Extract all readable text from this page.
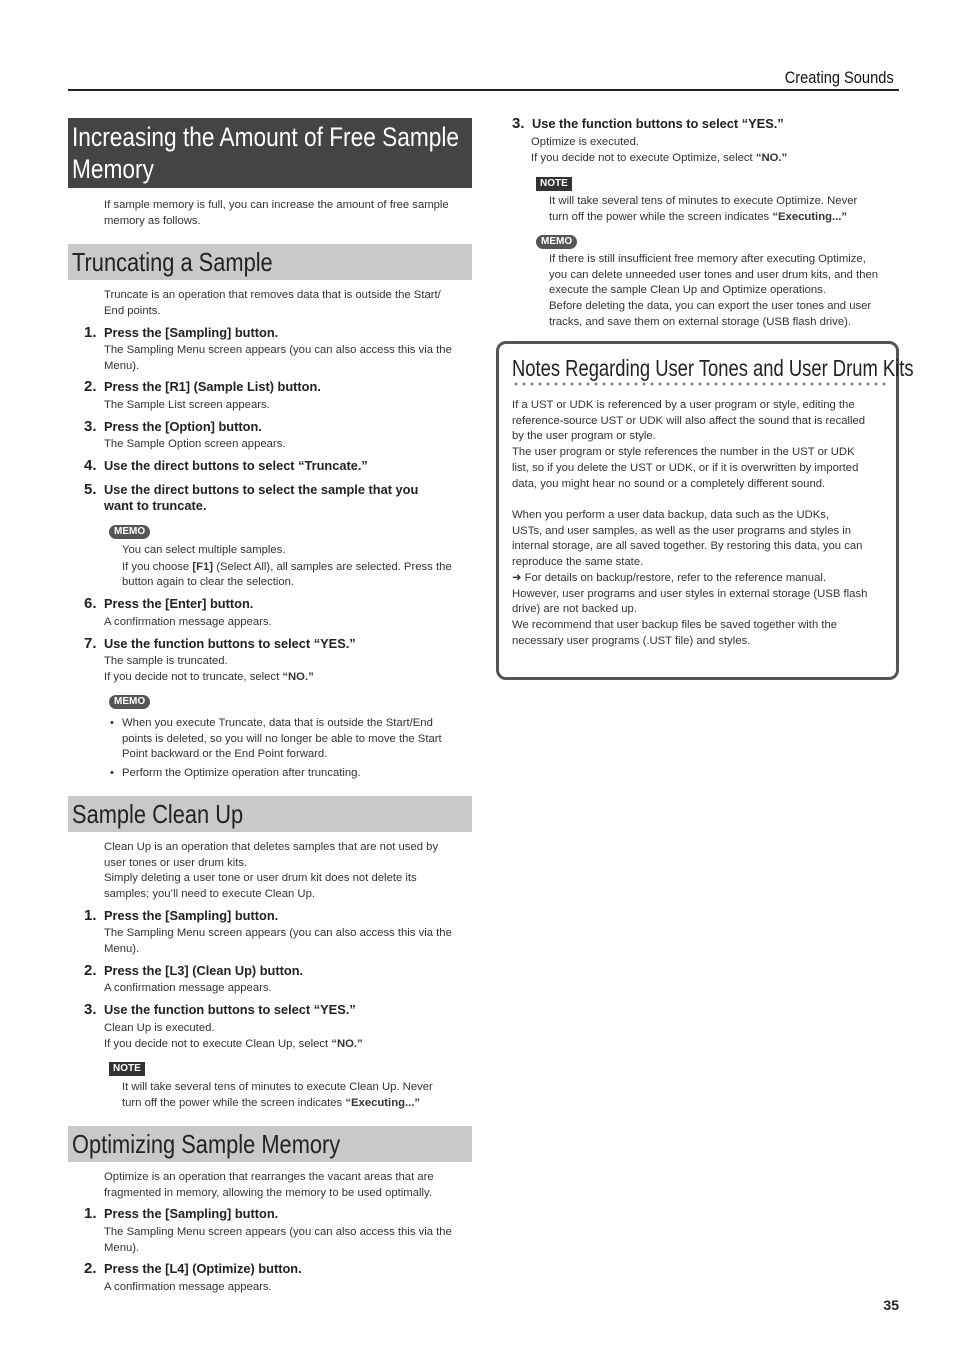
Creating Sounds
Increasing the Amount of Free Sample
Memory
If sample memory is full, you can increase the amount of free sample
memory as follows.
Truncating a Sample
Truncate is an operation that removes data that is outside the Start/
End points.
1. Press the [Sampling] button.
The Sampling Menu screen appears (you can also access this via the
Menu).
2. Press the [R1] (Sample List) button.
The Sample List screen appears.
3. Press the [Option] button.
The Sample Option screen appears.
4. Use the direct buttons to select “Truncate.”
5. Use the direct buttons to select the sample that you
want to truncate.
MEMO
You can select multiple samples.
If you choose [F1] (Select All), all samples are selected. Press the
button again to clear the selection.
6. Press the [Enter] button.
A confirmation message appears.
7. Use the function buttons to select “YES.”
The sample is truncated.
If you decide not to truncate, select “NO.”
MEMO
• When you execute Truncate, data that is outside the Start/End
points is deleted, so you will no longer be able to move the Start
Point backward or the End Point forward.
• Perform the Optimize operation after truncating.
Sample Clean Up
Clean Up is an operation that deletes samples that are not used by
user tones or user drum kits.
Simply deleting a user tone or user drum kit does not delete its
samples; you’ll need to execute Clean Up.
1. Press the [Sampling] button.
The Sampling Menu screen appears (you can also access this via the
Menu).
2. Press the [L3] (Clean Up) button.
A confirmation message appears.
3. Use the function buttons to select “YES.”
Clean Up is executed.
If you decide not to execute Clean Up, select “NO.”
NOTE
It will take several tens of minutes to execute Clean Up. Never
turn off the power while the screen indicates “Executing...”
Optimizing Sample Memory
Optimize is an operation that rearranges the vacant areas that are
fragmented in memory, allowing the memory to be used optimally.
1. Press the [Sampling] button.
The Sampling Menu screen appears (you can also access this via the
Menu).
2. Press the [L4] (Optimize) button.
A confirmation message appears.
3. Use the function buttons to select “YES.”
Optimize is executed.
If you decide not to execute Optimize, select “NO.”
NOTE
It will take several tens of minutes to execute Optimize. Never
turn off the power while the screen indicates “Executing...”
MEMO
If there is still insufficient free memory after executing Optimize,
you can delete unneeded user tones and user drum kits, and then
execute the sample Clean Up and Optimize operations.
Before deleting the data, you can export the user tones and user
tracks, and save them on external storage (USB flash drive).
Notes Regarding User Tones and User Drum Kits
If a UST or UDK is referenced by a user program or style, editing the
reference-source UST or UDK will also affect the sound that is recalled
by the user program or style.
The user program or style references the number in the UST or UDK
list, so if you delete the UST or UDK, or if it is overwritten by imported
data, you might hear no sound or a completely different sound.
When you perform a user data backup, data such as the UDKs,
USTs, and user samples, as well as the user programs and styles in
internal storage, are all saved together. By restoring this data, you can
reproduce the same state.
➜ For details on backup/restore, refer to the reference manual.
However, user programs and user styles in external storage (USB flash
drive) are not backed up.
We recommend that user backup files be saved together with the
necessary user programs (.UST file) and styles.
35
